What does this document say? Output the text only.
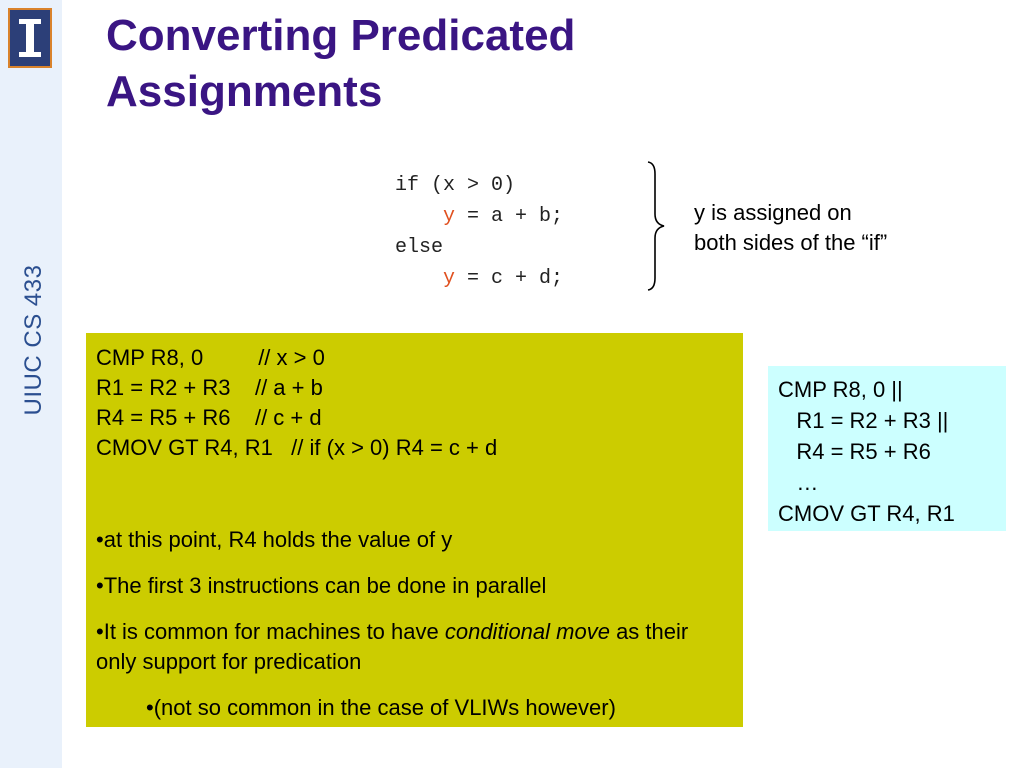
UIUC CS 433
Converting Predicated
Assignments
if (x > 0)
y = a + b;
else
y = c + d;
y is assigned on
both sides of the “if”
CMP R8, 0         // x > 0
R1 = R2 + R3    // a + b
R4 = R5 + R6    // c + d
CMOV GT R4, R1   // if (x > 0) R4 = c + d
•at this point, R4 holds the value of y
•The first 3 instructions can be done in parallel
•It is common for machines to have conditional move as their only support for predication
•(not so common in the case of VLIWs however)
CMP R8, 0 ||
R1 = R2 + R3 ||
R4 = R5 + R6
…
CMOV GT R4, R1
